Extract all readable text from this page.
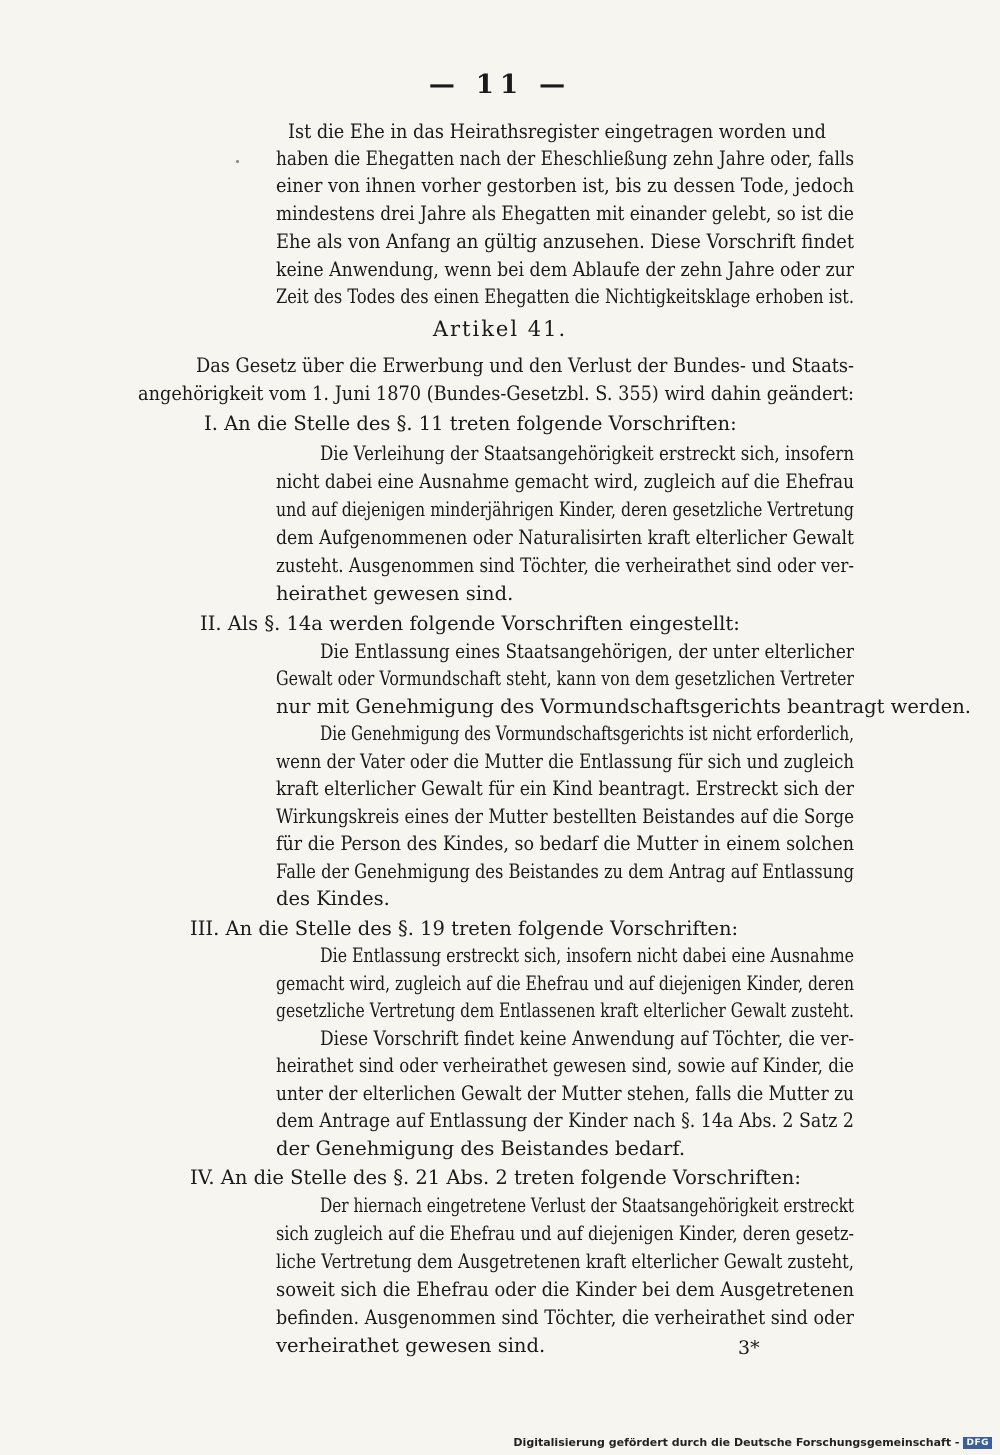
— 11 —
Ist die Ehe in das Heirathsregister eingetragen worden und
haben die Ehegatten nach der Eheschließung zehn Jahre oder, falls
einer von ihnen vorher gestorben ist, bis zu dessen Tode, jedoch
mindestens drei Jahre als Ehegatten mit einander gelebt, so ist die
Ehe als von Anfang an gültig anzusehen. Diese Vorschrift findet
keine Anwendung, wenn bei dem Ablaufe der zehn Jahre oder zur
Zeit des Todes des einen Ehegatten die Nichtigkeitsklage erhoben ist.
Artikel 41.
Das Gesetz über die Erwerbung und den Verlust der Bundes- und Staats-
angehörigkeit vom 1. Juni 1870 (Bundes-Gesetzbl. S. 355) wird dahin geändert:
I. An die Stelle des §. 11 treten folgende Vorschriften:
Die Verleihung der Staatsangehörigkeit erstreckt sich, insofern
nicht dabei eine Ausnahme gemacht wird, zugleich auf die Ehefrau
und auf diejenigen minderjährigen Kinder, deren gesetzliche Vertretung
dem Aufgenommenen oder Naturalisirten kraft elterlicher Gewalt
zusteht. Ausgenommen sind Töchter, die verheirathet sind oder ver-
heirathet gewesen sind.
II. Als §. 14a werden folgende Vorschriften eingestellt:
Die Entlassung eines Staatsangehörigen, der unter elterlicher
Gewalt oder Vormundschaft steht, kann von dem gesetzlichen Vertreter
nur mit Genehmigung des Vormundschaftsgerichts beantragt werden.
Die Genehmigung des Vormundschaftsgerichts ist nicht erforderlich,
wenn der Vater oder die Mutter die Entlassung für sich und zugleich
kraft elterlicher Gewalt für ein Kind beantragt. Erstreckt sich der
Wirkungskreis eines der Mutter bestellten Beistandes auf die Sorge
für die Person des Kindes, so bedarf die Mutter in einem solchen
Falle der Genehmigung des Beistandes zu dem Antrag auf Entlassung
des Kindes.
III. An die Stelle des §. 19 treten folgende Vorschriften:
Die Entlassung erstreckt sich, insofern nicht dabei eine Ausnahme
gemacht wird, zugleich auf die Ehefrau und auf diejenigen Kinder, deren
gesetzliche Vertretung dem Entlassenen kraft elterlicher Gewalt zusteht.
Diese Vorschrift findet keine Anwendung auf Töchter, die ver-
heirathet sind oder verheirathet gewesen sind, sowie auf Kinder, die
unter der elterlichen Gewalt der Mutter stehen, falls die Mutter zu
dem Antrage auf Entlassung der Kinder nach §. 14a Abs. 2 Satz 2
der Genehmigung des Beistandes bedarf.
IV. An die Stelle des §. 21 Abs. 2 treten folgende Vorschriften:
Der hiernach eingetretene Verlust der Staatsangehörigkeit erstreckt
sich zugleich auf die Ehefrau und auf diejenigen Kinder, deren gesetz-
liche Vertretung dem Ausgetretenen kraft elterlicher Gewalt zusteht,
soweit sich die Ehefrau oder die Kinder bei dem Ausgetretenen
befinden. Ausgenommen sind Töchter, die verheirathet sind oder
verheirathet gewesen sind.	3*
Digitalisierung gefördert durch die Deutsche Forschungsgemeinschaft - DFG
